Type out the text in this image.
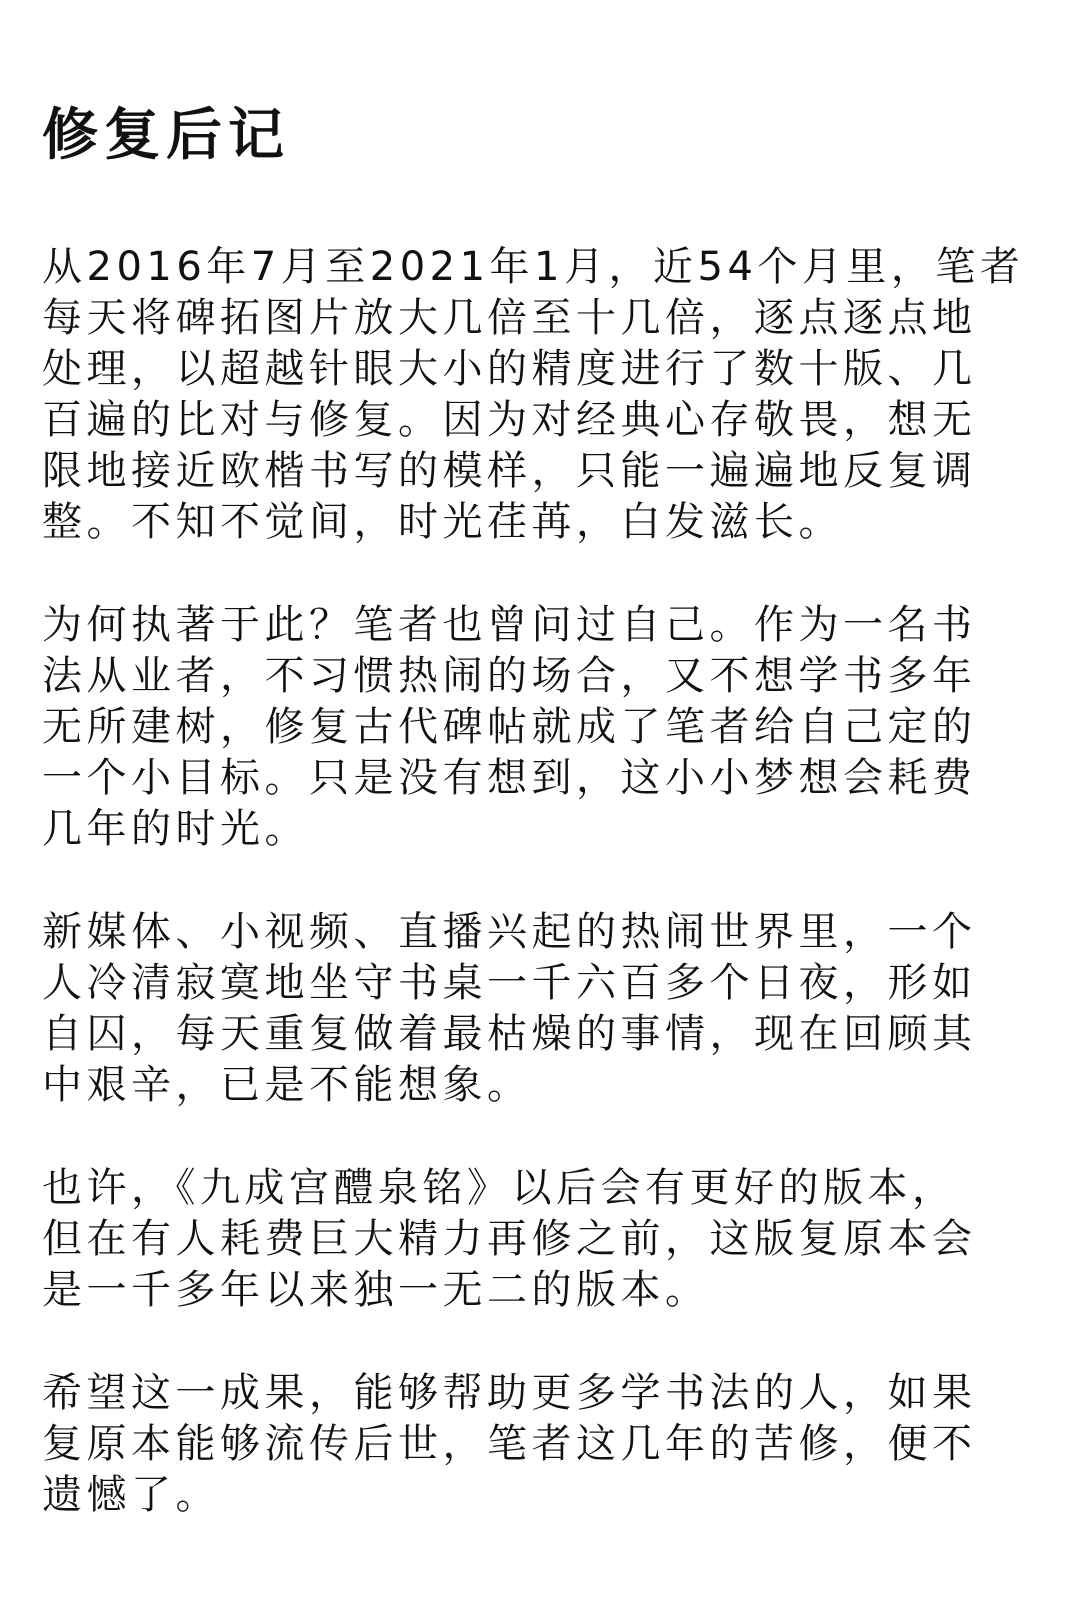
修复后记

从2016年7月至2021年1月，近54个月里，笔者
每天将碑拓图片放大几倍至十几倍，逐点逐点地
处理，以超越针眼大小的精度进行了数十版、几
百遍的比对与修复。因为对经典心存敬畏，想无
限地接近欧楷书写的模样，只能一遍遍地反复调
整。不知不觉间，时光荏苒，白发滋长。

为何执著于此？笔者也曾问过自己。作为一名书
法从业者，不习惯热闹的场合，又不想学书多年
无所建树，修复古代碑帖就成了笔者给自己定的
一个小目标。只是没有想到，这小小梦想会耗费
几年的时光。

新媒体、小视频、直播兴起的热闹世界里，一个
人冷清寂寞地坐守书桌一千六百多个日夜，形如
自囚，每天重复做着最枯燥的事情，现在回顾其
中艰辛，已是不能想象。

也许，《九成宫醴泉铭》以后会有更好的版本，
但在有人耗费巨大精力再修之前，这版复原本会
是一千多年以来独一无二的版本。

希望这一成果，能够帮助更多学书法的人，如果
复原本能够流传后世，笔者这几年的苦修，便不
遗憾了。
